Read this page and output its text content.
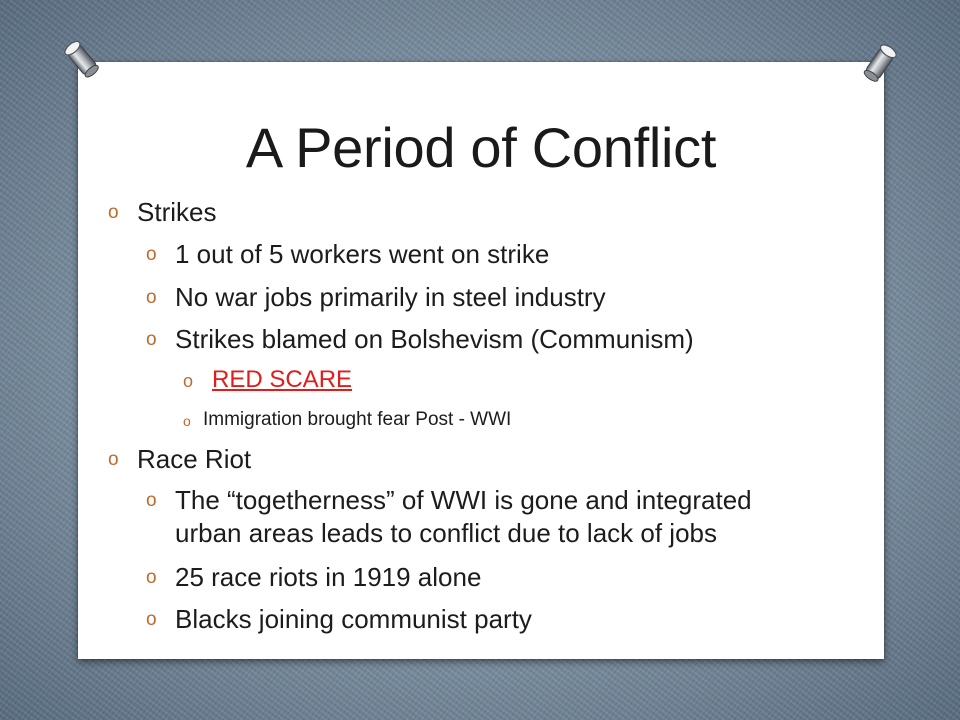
A Period of Conflict
o Strikes
o 1 out of 5 workers went on strike
o No war jobs primarily in steel industry
o Strikes blamed on Bolshevism (Communism)
o RED SCARE
o Immigration brought fear Post - WWI
o Race Riot
o The “togetherness” of WWI is gone and integrated
urban areas leads to conflict due to lack of jobs
o 25 race riots in 1919 alone
o Blacks joining communist party
